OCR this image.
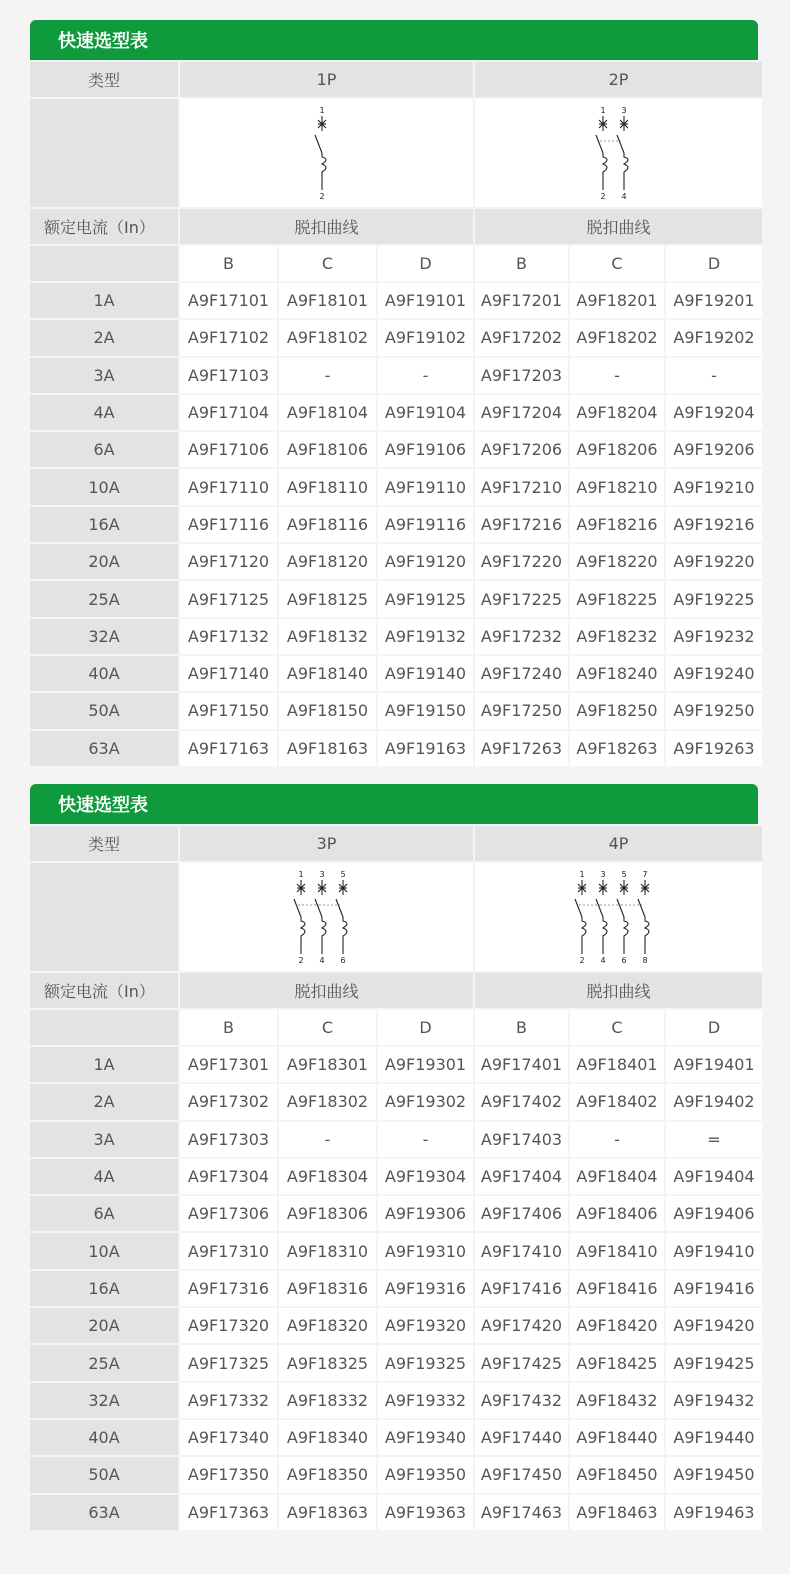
快速选型表
类型	1P	2P
1
2
1
2
3
4
额定电流（In）	脱扣曲线	脱扣曲线
B	C	D	B	C	D
1A	A9F17101	A9F18101	A9F19101 A9F17201 A9F18201 A9F19201
2A	A9F17102	A9F18102	A9F19102 A9F17202 A9F18202 A9F19202
3A	A9F17103	-	-	A9F17203	-	-
4A	A9F17104	A9F18104	A9F19104 A9F17204 A9F18204 A9F19204
6A	A9F17106	A9F18106	A9F19106 A9F17206 A9F18206 A9F19206
10A	A9F17110	A9F18110	A9F19110 A9F17210 A9F18210 A9F19210
16A	A9F17116	A9F18116	A9F19116 A9F17216 A9F18216 A9F19216
20A	A9F17120	A9F18120	A9F19120 A9F17220 A9F18220 A9F19220
25A	A9F17125	A9F18125	A9F19125 A9F17225 A9F18225 A9F19225
32A	A9F17132	A9F18132	A9F19132 A9F17232 A9F18232 A9F19232
40A	A9F17140	A9F18140	A9F19140 A9F17240 A9F18240 A9F19240
50A	A9F17150	A9F18150	A9F19150 A9F17250 A9F18250 A9F19250
63A	A9F17163	A9F18163	A9F19163 A9F17263 A9F18263 A9F19263
快速选型表
类型	3P	4P
1
2
3
4
5
6
1
2
3
4
5
6
7
8
额定电流（In）	脱扣曲线	脱扣曲线
B	C	D	B	C	D
1A	A9F17301	A9F18301	A9F19301 A9F17401 A9F18401 A9F19401
2A	A9F17302	A9F18302	A9F19302 A9F17402 A9F18402 A9F19402
3A	A9F17303	-	-	A9F17403	-	=
4A	A9F17304	A9F18304	A9F19304 A9F17404 A9F18404 A9F19404
6A	A9F17306	A9F18306	A9F19306 A9F17406 A9F18406 A9F19406
10A	A9F17310	A9F18310	A9F19310 A9F17410 A9F18410 A9F19410
16A	A9F17316	A9F18316	A9F19316 A9F17416 A9F18416 A9F19416
20A	A9F17320	A9F18320	A9F19320 A9F17420 A9F18420 A9F19420
25A	A9F17325	A9F18325	A9F19325 A9F17425 A9F18425 A9F19425
32A	A9F17332	A9F18332	A9F19332 A9F17432 A9F18432 A9F19432
40A	A9F17340	A9F18340	A9F19340 A9F17440 A9F18440 A9F19440
50A	A9F17350	A9F18350	A9F19350 A9F17450 A9F18450 A9F19450
63A	A9F17363	A9F18363	A9F19363 A9F17463 A9F18463 A9F19463
